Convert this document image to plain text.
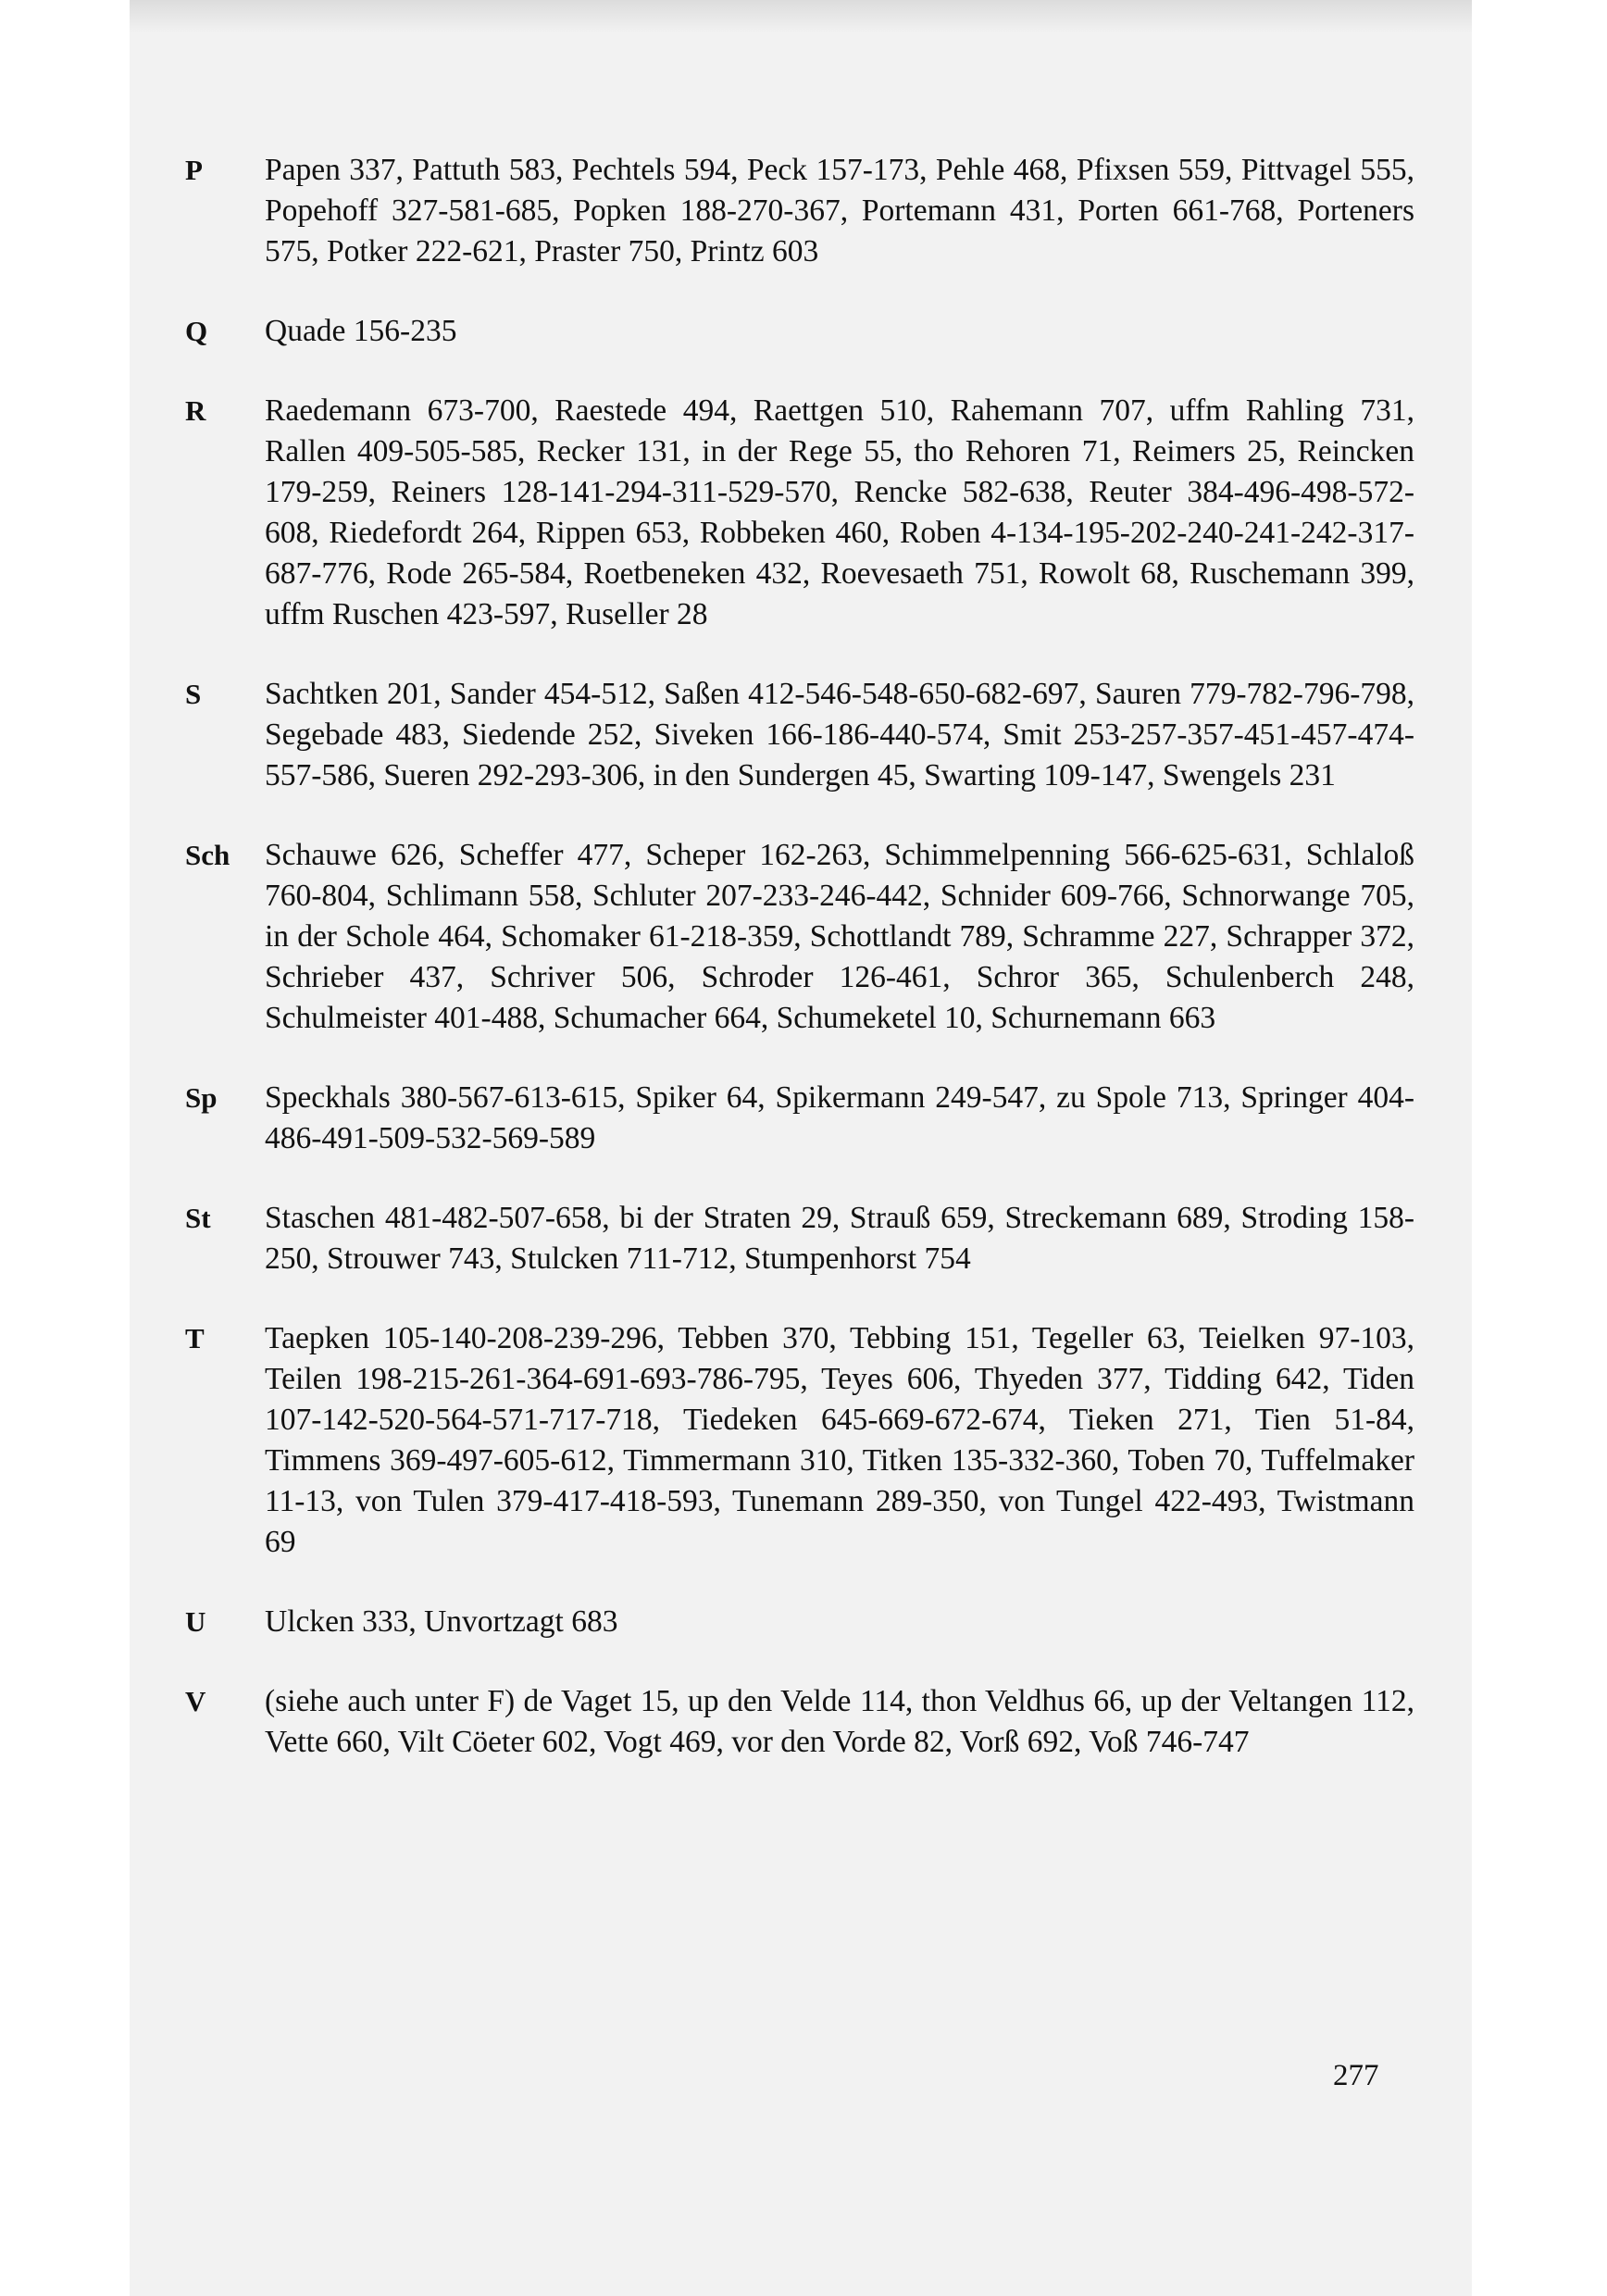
P	Papen 337, Pattuth 583, Pechtels 594, Peck 157-173, Pehle 468, Pfixsen 559, Pittvagel 555, Popehoff 327-581-685, Popken 188-270-367, Portemann 431, Porten 661-768, Porteners 575, Potker 222-621, Praster 750, Printz 603
Q	Quade 156-235
R	Raedemann 673-700, Raestede 494, Raettgen 510, Rahemann 707, uffm Rahling 731, Rallen 409-505-585, Recker 131, in der Rege 55, tho Rehoren 71, Reimers 25, Reincken 179-259, Reiners 128-141-294-311-529-570, Rencke 582-638, Reuter 384-496-498-572-608, Riedefordt 264, Rippen 653, Robbeken 460, Roben 4-134-195-202-240-241-242-317-687-776, Rode 265-584, Roetbeneken 432, Roevesaeth 751, Rowolt 68, Ruschemann 399, uffm Ruschen 423-597, Ruseller 28
S	Sachtken 201, Sander 454-512, Saßen 412-546-548-650-682-697, Sauren 779-782-796-798, Segebade 483, Siedende 252, Siveken 166-186-440-574, Smit 253-257-357-451-457-474-557-586, Sueren 292-293-306, in den Sundergen 45, Swarting 109-147, Swengels 231
Sch	Schauwe 626, Scheffer 477, Scheper 162-263, Schimmelpenning 566-625-631, Schlaloß 760-804, Schlimann 558, Schluter 207-233-246-442, Schnider 609-766, Schnorwange 705, in der Schole 464, Schomaker 61-218-359, Schottlandt 789, Schramme 227, Schrapper 372, Schrieber 437, Schriver 506, Schroder 126-461, Schror 365, Schulenberch 248, Schulmeister 401-488, Schumacher 664, Schumeketel 10, Schurnemann 663
Sp	Speckhals 380-567-613-615, Spiker 64, Spikermann 249-547, zu Spole 713, Springer 404-486-491-509-532-569-589
St	Staschen 481-482-507-658, bi der Straten 29, Strauß 659, Streckemann 689, Stroding 158-250, Strouwer 743, Stulcken 711-712, Stumpenhorst 754
T	Taepken 105-140-208-239-296, Tebben 370, Tebbing 151, Tegeller 63, Teielken 97-103, Teilen 198-215-261-364-691-693-786-795, Teyes 606, Thyeden 377, Tidding 642, Tiden 107-142-520-564-571-717-718, Tiedeken 645-669-672-674, Tieken 271, Tien 51-84, Timmens 369-497-605-612, Timmermann 310, Titken 135-332-360, Toben 70, Tuffelmaker 11-13, von Tulen 379-417-418-593, Tunemann 289-350, von Tungel 422-493, Twistmann 69
U	Ulcken 333, Unvortzagt 683
V	(siehe auch unter F) de Vaget 15, up den Velde 114, thon Veldhus 66, up der Veltangen 112, Vette 660, Vilt Cöeter 602, Vogt 469, vor den Vorde 82, Vorß 692, Voß 746-747
277
